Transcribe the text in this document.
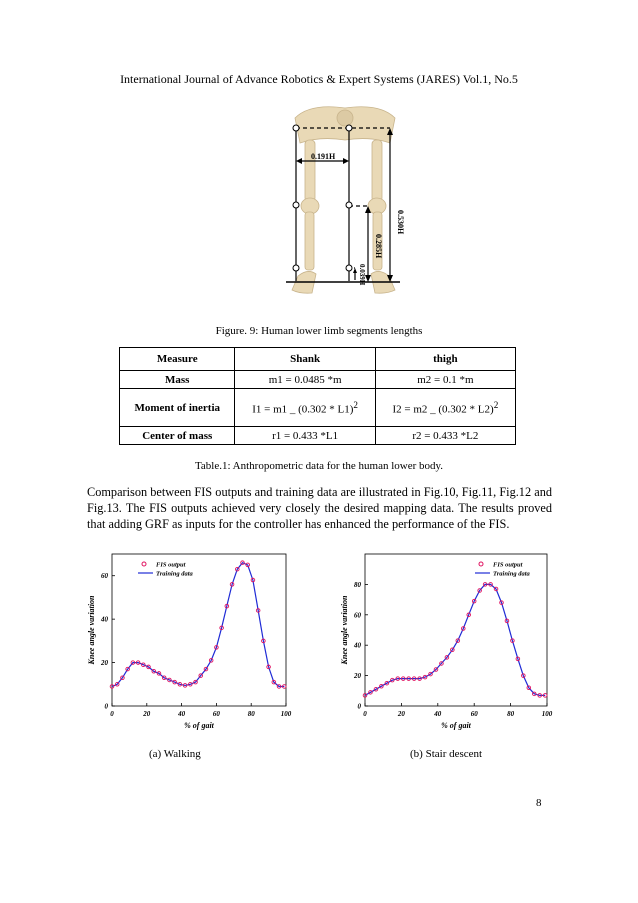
International Journal of Advance Robotics & Expert Systems (JARES) Vol.1, No.5
0.191H
0.530H
0.285H
0.039H
Figure. 9: Human lower limb segments lengths
Measure	Shank	thigh
Mass	m1 = 0.0485 *m	m2 = 0.1 *m
Moment of inertia	I1 = m1 _ (0.302 * L1)$^2$	I2 = m2 _ (0.302 * L2)$^2$
Center of mass	r1 = 0.433 *L1	r2 = 0.433 *L2
Table.1: Anthropometric data for the human lower body.
Comparison between FIS outputs and training data are illustrated in Fig.10, Fig.11, Fig.12 and Fig.13. The FIS outputs achieved very closely the desired mapping data. The results proved that adding GRF as inputs for the controller has enhanced the performance of the FIS.
0	20	40	60	80	100
0
20
40
60
% of gait
Knee angle variation
FIS output
Training data
0	20	40	60	80	100
0
20
40
60
80
% of gait
Knee angle variation
FIS output
Training data
(a) Walking	(b) Stair descent
8
